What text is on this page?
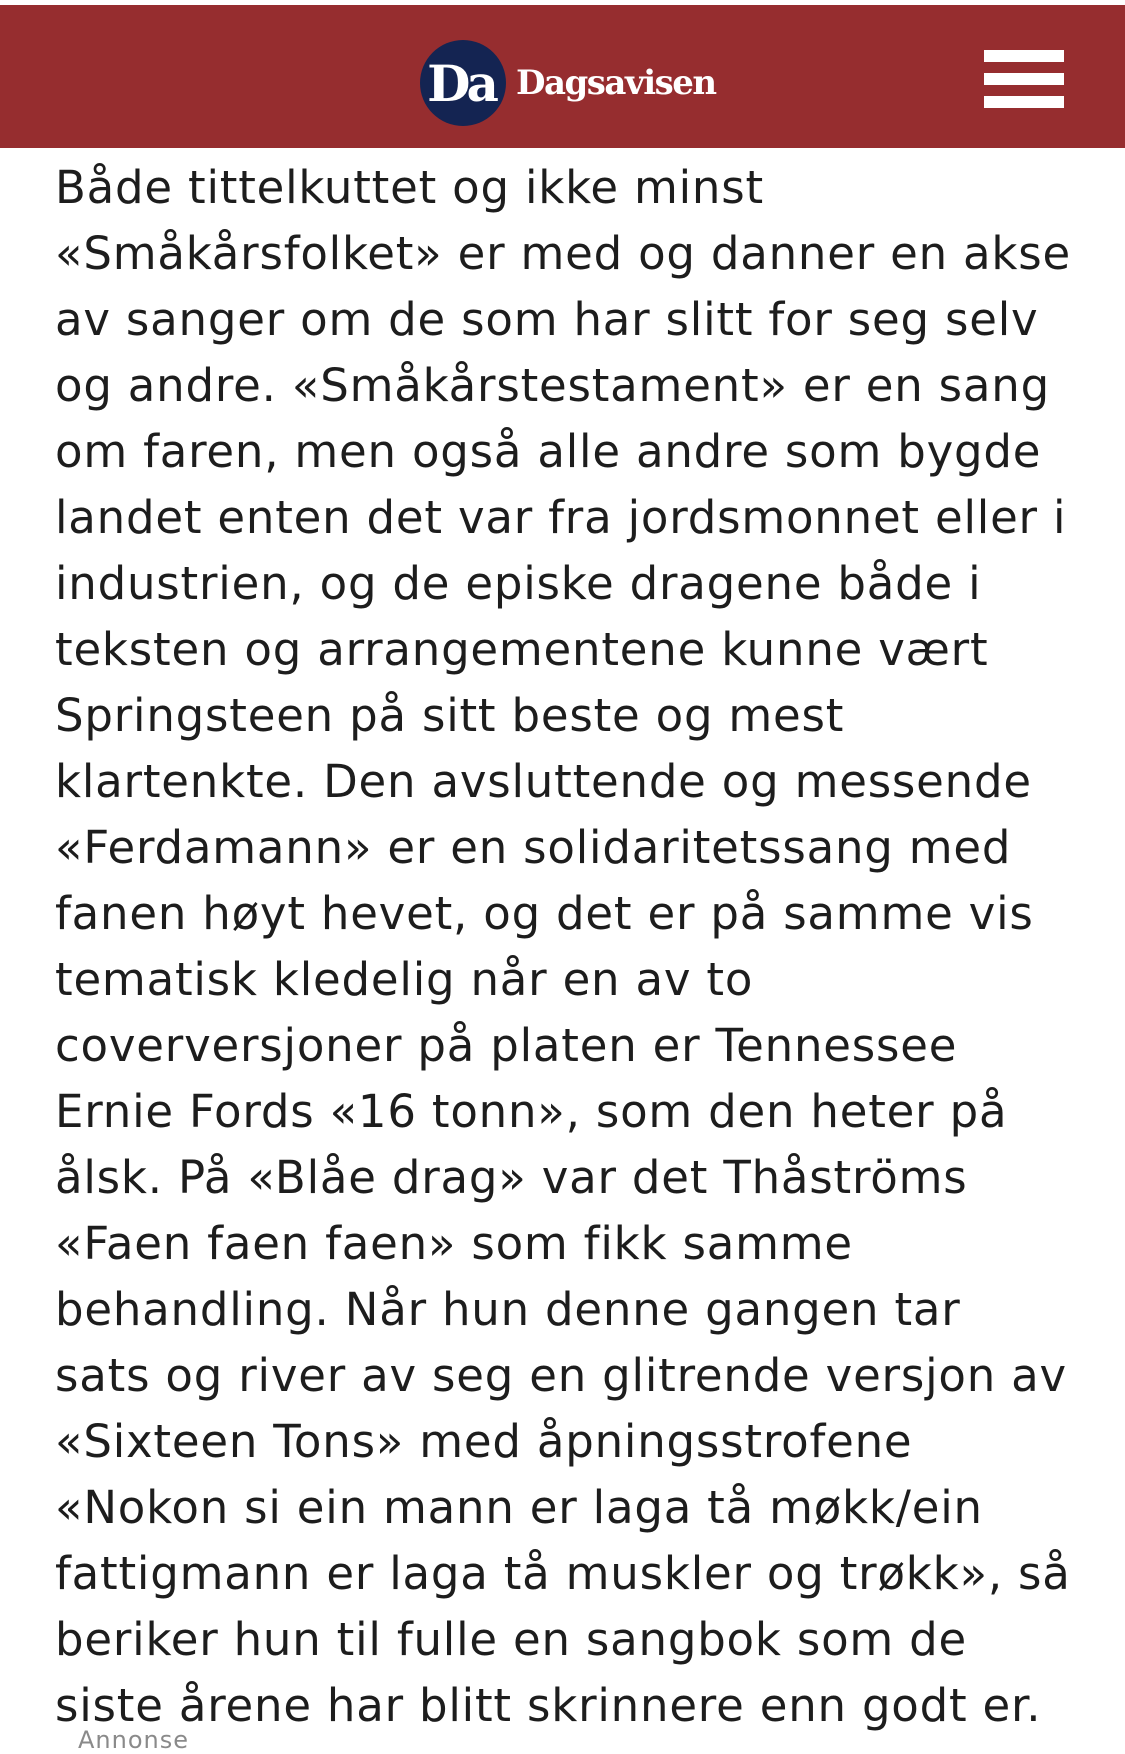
Da Dagsavisen

Både tittelkuttet og ikke minst
«Småkårsfolket» er med og danner en akse
av sanger om de som har slitt for seg selv
og andre. «Småkårstestament» er en sang
om faren, men også alle andre som bygde
landet enten det var fra jordsmonnet eller i
industrien, og de episke dragene både i
teksten og arrangementene kunne vært
Springsteen på sitt beste og mest
klartenkte. Den avsluttende og messende
«Ferdamann» er en solidaritetssang med
fanen høyt hevet, og det er på samme vis
tematisk kledelig når en av to
coverversjoner på platen er Tennessee
Ernie Fords «16 tonn», som den heter på
ålsk. På «Blåe drag» var det Thåströms
«Faen faen faen» som fikk samme
behandling. Når hun denne gangen tar
sats og river av seg en glitrende versjon av
«Sixteen Tons» med åpningsstrofene
«Nokon si ein mann er laga tå møkk/ein
fattigmann er laga tå muskler og trøkk», så
beriker hun til fulle en sangbok som de
siste årene har blitt skrinnere enn godt er.

Annonse
